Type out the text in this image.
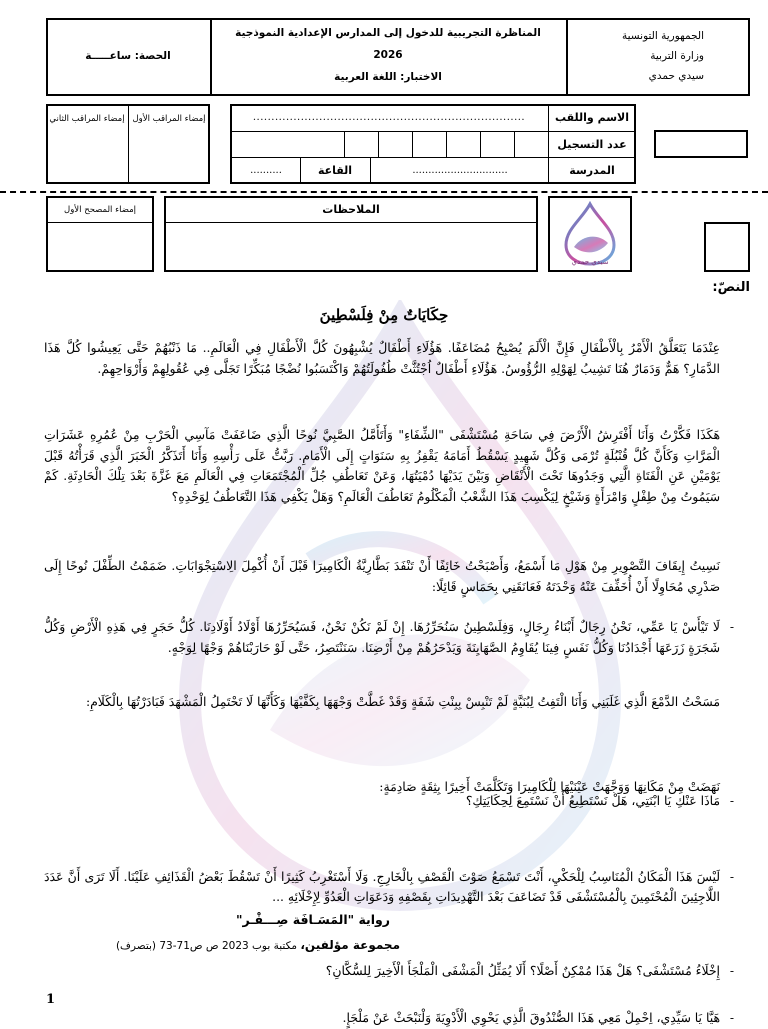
الجمهورية التونسية
وزارة التربية
سيدي حمدي
المناظرة التجريبية للدخول إلى المدارس الإعدادية النموذجية
2026
الاختبار: اللغة العربية
الحصة: ساعـــــة
الاسم واللقب
عدد التسجيل
المدرسة
..........................................................................
..............................
القاعة
..........
إمضاء المراقب الأول
إمضاء المراقب الثاني
سيدي حمدي
الملاحظات
إمضاء المصحح الأول
النصّ:
حِكَايَاتٌ مِنْ فِلَسْطِينَ
عِنْدَمَا يَتَعَلَّقُ الْأَمْرُ بِالْأَطْفَالِ فَإِنَّ الْأَلَمَ يُصْبِحُ مُضَاعَفًا. هَؤُلَاءِ أَطْفَالٌ يُشْبِهُونَ كُلَّ الْأَطْفَالِ فِي الْعَالَمِ.. مَا ذَنْبُهُمْ حَتَّى يَعِيشُوا كُلَّ هَذَا الدَّمَارِ؟ هَمٌّ وَدَمَارٌ هُنَا تَشِيبُ لِهَوْلِهِ الرُّؤُوسُ. هَؤُلَاءِ أَطْفَالٌ اُجْتُثَّتْ طُفُولَتُهُمْ وَاكْتَسَبُوا نُضْجًا مُبَكِّرًا تَجَلَّى فِي عُقُولِهِمْ وَأَرْوَاحِهِمْ.
هَكَذَا فَكَّرْتُ وَأَنَا أَفْتَرِشُ الْأَرْضَ فِي سَاحَةِ مُسْتَشْفَى "الشِّفَاءِ" وَأَتَأَمَّلُ الصَّبِيَّ نُوحًا الَّذِي ضَاعَفَتْ مَآسِي الْحَرْبِ مِنْ عُمُرِهِ عَشَرَاتِ الْمَرَّاتِ وَكَأَنَّ كُلَّ قُنْبُلَةٍ تُرْمَى وَكُلَّ شَهِيدٍ يَسْقُطُ أَمَامَهُ يَقْفِزُ بِهِ سَنَوَاتٍ إِلَى الْأَمَامِ. رَبَّتُّ عَلَى رَأْسِهِ وَأَنَا أَتَذَكَّرُ الْخَبَرَ الَّذِي قَرَأْتُهُ قَبْلَ يَوْمَيْنِ عَنِ الْفَتَاةِ الَّتِي وَجَدُوهَا تَحْتَ الْأَنْقَاضِ وَبَيْنَ يَدَيْهَا دُمْيَتُهَا، وَعَنْ تَعَاطُفِ جُلِّ الْمُجْتَمَعَاتِ فِي الْعَالَمِ مَعَ غَزَّةَ بَعْدَ تِلْكَ الْحَادِثَةِ. كَمْ سَيَمُوتُ مِنْ طِفْلٍ وَامْرَأَةٍ وَشَيْخٍ لِيَكْسِبَ هَذَا الشَّعْبُ الْمَكْلُومُ تَعَاطُفَ الْعَالَمِ؟ وَهَلْ يَكْفِي هَذَا التَّعَاطُفُ لِوَحْدِهِ؟
نَسِيتُ إِيقَافَ التَّصْوِيرِ مِنْ هَوْلِ مَا أَسْمَعُ، وَأَصْبَحْتُ خَائِفًا أَنْ تَنْفَدَ بَطَّارِيَّةُ الْكَامِيرَا قَبْلَ أَنْ أُكْمِلَ الِاسْتِجْوَابَاتِ. ضَمَمْتُ الطِّفْلَ نُوحًا إِلَى صَدْرِي مُحَاوِلًا أَنْ أُخَفِّفَ عَنْهُ وَحْدَتَهُ فَعَانَقَنِي بِحَمَاسٍ قَائِلًا:
- لَا تَيْأَسْ يَا عَمِّي، نَحْنُ رِجَالٌ أَبْنَاءُ رِجَالٍ، وَفِلَسْطِينُ سَنُحَرِّرُهَا. إِنْ لَمْ نَكُنْ نَحْنُ، فَسَيُحَرِّرُهَا أَوْلَادُ أَوْلَادِنَا. كُلُّ حَجَرٍ فِي هَذِهِ الْأَرْضِ وَكُلُّ شَجَرَةٍ زَرَعَهَا أَجْدَادُنَا وَكُلُّ نَفَسٍ فِينَا يُقَاوِمُ الصَّهَايِنَةَ وَيَدْحَرُهُمْ مِنْ أَرْضِنَا. سَنَنْتَصِرُ، حَتَّى لَوْ حَارَبْنَاهُمْ وَجْهًا لِوَجْهٍ.
مَسَحْتُ الدَّمْعَ الَّذِي غَلَبَنِي وَأَنَا الْتَفِتُ لِبُنَيَّةٍ لَمْ تَنْبِسْ بِبِنْتِ شَفَةٍ وَقَدْ غَطَّتْ وَجْهَهَا بِكَفَّيْهَا وَكَأَنَّهَا لَا تَحْتَمِلُ الْمَشْهَدَ فَبَادَرْتُهَا بِالْكَلَامِ:
- مَاذَا عَنْكِ يَا ابْنَتِي، هَلْ نَسْتَطِيعُ أَنْ نَسْتَمِعَ لِحِكَايَتِكِ؟
نَهَضَتْ مِنْ مَكَانِهَا وَوَجَّهَتْ عَيْنَيْهَا لِلْكَامِيرَا وَتَكَلَّمَتْ أَخِيرًا بِثِقَةٍ صَادِمَةٍ:
- لَيْسَ هَذَا الْمَكَانُ الْمُنَاسِبُ لِلْحَكْيِ، أَنْتَ تَسْمَعُ صَوْتَ الْقَصْفِ بِالْخَارِجِ. وَلَا أَسْتَغْرِبُ كَثِيرًا أَنْ تَسْقُطَ بَعْضُ الْقَذَائِفِ عَلَيْنَا. أَلَا تَرَى أَنَّ عَدَدَ اللَّاجِئِينَ الْمُحْتَمِينَ بِالْمُسْتَشْفَى قَدْ تَضَاعَفَ بَعْدَ التَّهْدِيدَاتِ بِقَصْفِهِ وَدَعَوَاتِ الْعَدُوِّ لِإِخْلَائِهِ ...
- إِخْلَاءُ مُسْتَشْفَى؟ هَلْ هَذَا مُمْكِنٌ أَصْلًا؟ أَلَا يُمَثِّلُ الْمَشْفَى الْمَلْجَأَ الْأَخِيرَ لِلسُّكَّانِ؟
- هَيَّا يَا سَيِّدِي، اِحْمِلْ مَعِي هَذَا الصُّنْدُوقَ الَّذِي يَحْوِي الْأَدْوِيَةَ وَلْنَبْحَثْ عَنْ مَلْجَإٍ.
رواية "المَسَـافَة صِـــفْـر"
مجموعة مؤلفين، مكتبة بوب 2023 ص ص71-73 (بتصرف)
1
